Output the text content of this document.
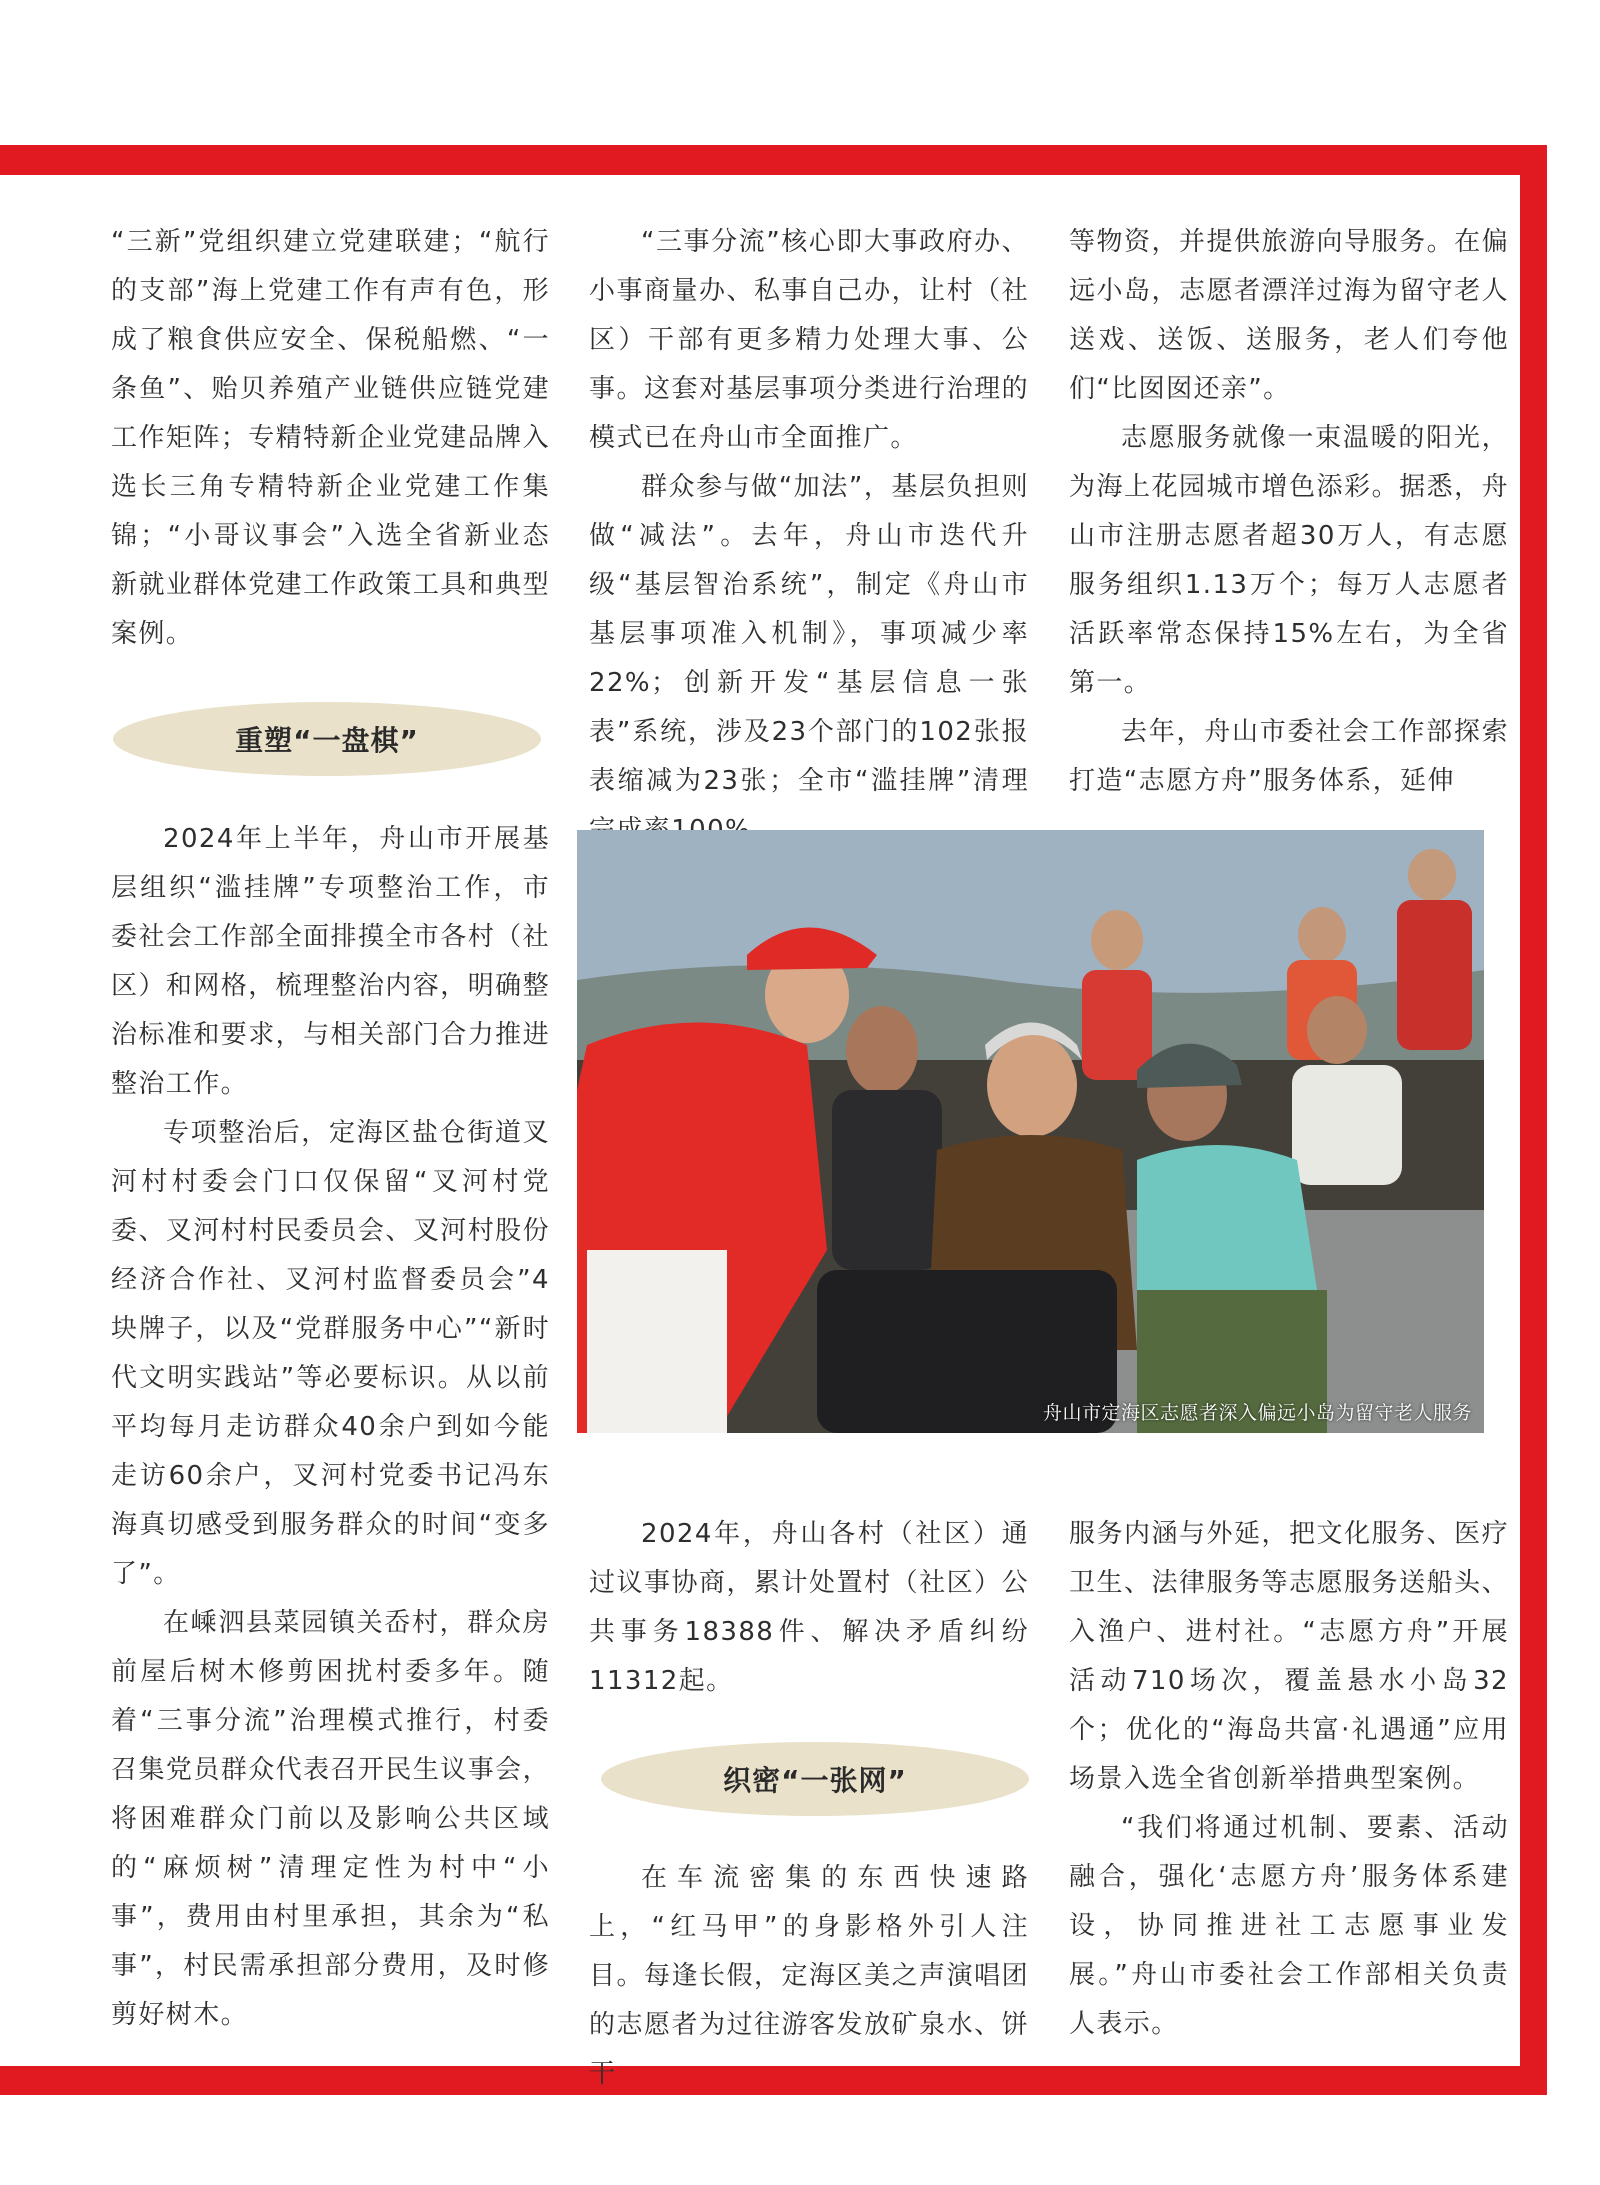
“三新”党组织建立党建联建；“航行的支部”海上党建工作有声有色，形成了粮食供应安全、保税船燃、“一条鱼”、贻贝养殖产业链供应链党建工作矩阵；专精特新企业党建品牌入选长三角专精特新企业党建工作集锦；“小哥议事会”入选全省新业态新就业群体党建工作政策工具和典型案例。

重塑“一盘棋”

2024年上半年，舟山市开展基层组织“滥挂牌”专项整治工作，市委社会工作部全面排摸全市各村（社区）和网格，梳理整治内容，明确整治标准和要求，与相关部门合力推进整治工作。

专项整治后，定海区盐仓街道叉河村村委会门口仅保留“叉河村党委、叉河村村民委员会、叉河村股份经济合作社、叉河村监督委员会”4块牌子，以及“党群服务中心”“新时代文明实践站”等必要标识。从以前平均每月走访群众40余户到如今能走访60余户，叉河村党委书记冯东海真切感受到服务群众的时间“变多了”。

在嵊泗县菜园镇关岙村，群众房前屋后树木修剪困扰村委多年。随着“三事分流”治理模式推行，村委召集党员群众代表召开民生议事会，将困难群众门前以及影响公共区域的“麻烦树”清理定性为村中“小事”，费用由村里承担，其余为“私事”，村民需承担部分费用，及时修剪好树木。

“三事分流”核心即大事政府办、小事商量办、私事自己办，让村（社区）干部有更多精力处理大事、公事。这套对基层事项分类进行治理的模式已在舟山市全面推广。

群众参与做“加法”，基层负担则做“减法”。去年，舟山市迭代升级“基层智治系统”，制定《舟山市基层事项准入机制》，事项减少率22%；创新开发“基层信息一张表”系统，涉及23个部门的102张报表缩减为23张；全市“滥挂牌”清理

等物资，并提供旅游向导服务。在偏远小岛，志愿者漂洋过海为留守老人送戏、送饭、送服务，老人们夸他们“比囡囡还亲”。

志愿服务就像一束温暖的阳光，为海上花园城市增色添彩。据悉，舟山市注册志愿者超30万人，有志愿服务组织1.13万个；每万人志愿者活跃率常态保持15%左右，为全省第一。

去年，舟山市委社会工作部探索打造“志愿方舟”服务体系，延伸

舟山市定海区志愿者深入偏远小岛为留守老人服务

2024年，舟山各村（社区）通过议事协商，累计处置村（社区）公共事务18388件、解决矛盾纠纷11312起。

织密“一张网”

在车流密集的东西快速路上，“红马甲”的身影格外引人注目。每逢长假，定海区美之声演唱团的志愿者为过往游客发放矿泉水、饼干

服务内涵与外延，把文化服务、医疗卫生、法律服务等志愿服务送船头、入渔户、进村社。“志愿方舟”开展活动710场次，覆盖悬水小岛32个；优化的“海岛共富·礼遇通”应用场景入选全省创新举措典型案例。

“我们将通过机制、要素、活动融合，强化‘志愿方舟’服务体系建设，协同推进社工志愿事业发展。”舟山市委社会工作部相关负责人表示。
